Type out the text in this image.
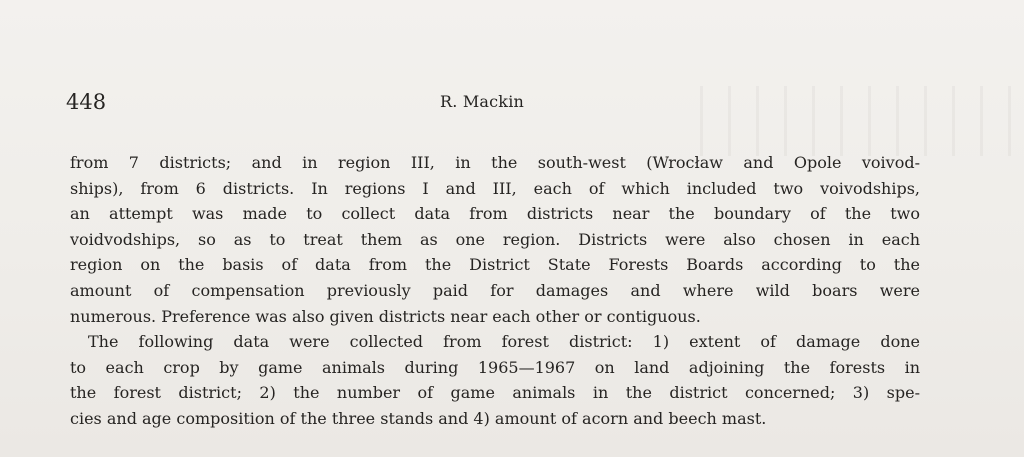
448	R. Mackin
from 7 districts; and in region III, in the south-west (Wrocław and Opole voivod-
ships), from 6 districts. In regions I and III, each of which included two voivodships,
an attempt was made to collect data from districts near the boundary of the two
voidvodships, so as to treat them as one region. Districts were also chosen in each
region on the basis of data from the District State Forests Boards according to the
amount of compensation previously paid for damages and where wild boars were
numerous. Preference was also given districts near each other or contiguous.
The following data were collected from forest district: 1) extent of damage done
to each crop by game animals during 1965—1967 on land adjoining the forests in
the forest district; 2) the number of game animals in the district concerned; 3) spe-
cies and age composition of the three stands and 4) amount of acorn and beech mast.
